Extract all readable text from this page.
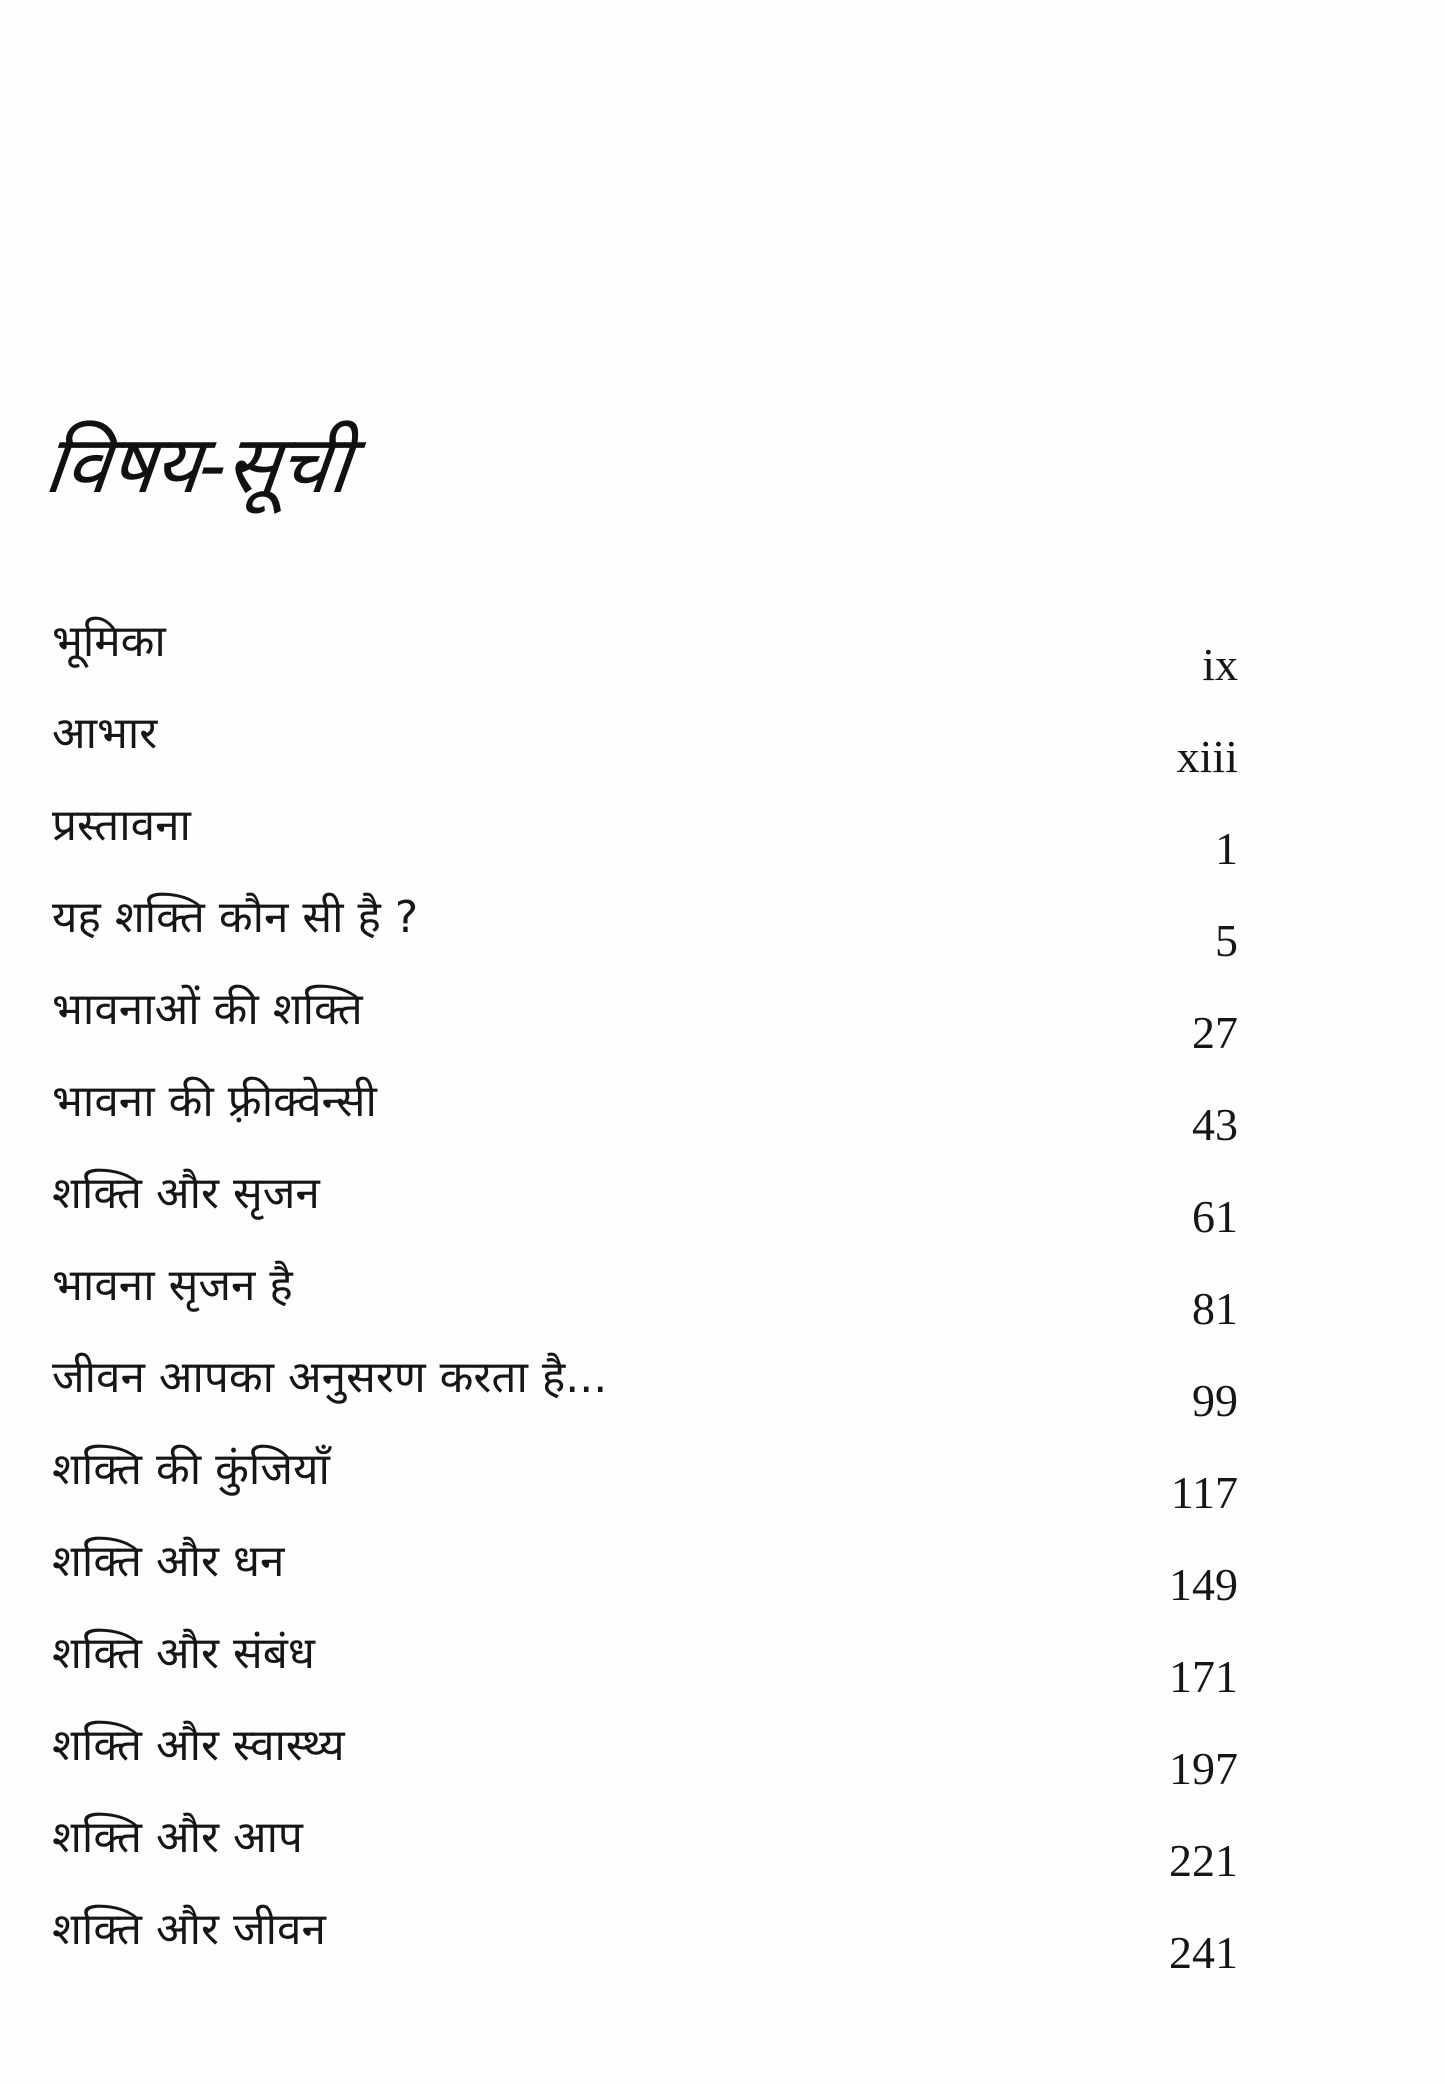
विषय-सूची
भूमिका	ix
आभार	xiii
प्रस्तावना	1
यह शक्ति कौन सी है ?	5
भावनाओं की शक्ति	27
भावना की फ़्रीक्वेन्सी	43
शक्ति और सृजन	61
भावना सृजन है	81
जीवन आपका अनुसरण करता है...	99
शक्ति की कुंजियाँ	117
शक्ति और धन	149
शक्ति और संबंध	171
शक्ति और स्वास्थ्य	197
शक्ति और आप	221
शक्ति और जीवन	241
